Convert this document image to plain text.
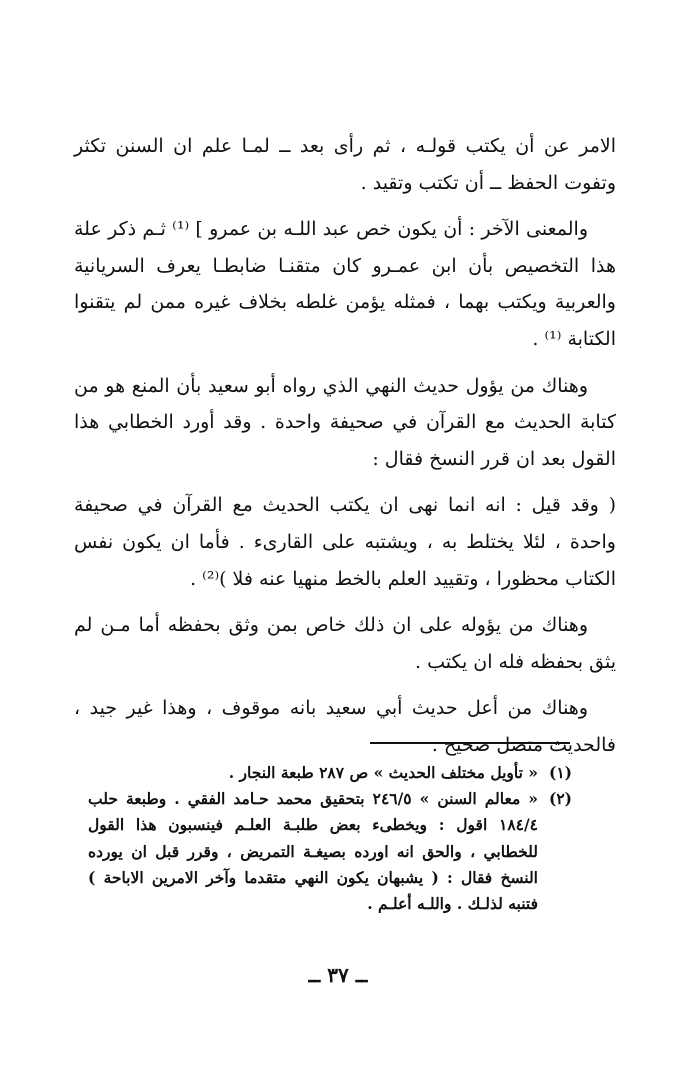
الامر عن أن يكتب قولـه ، ثم رأى بعد ــ لمـا علم ان السنن تكثر وتفوت الحفظ ــ أن تكتب وتقيد .

والمعنى الآخر : أن يكون خص عبد اللـه بن عمرو ] ⁽¹⁾ ثـم ذكر علة هذا التخصيص بأن ابن عمـرو كان متقنـا ضابطـا يعرف السريانية والعربية ويكتب بهما ، فمثله يؤمن غلطه بخلاف غيره ممن لم يتقنوا الكتابة ⁽¹⁾ .

وهناك من يؤول حديث النهي الذي رواه أبو سعيد بأن المنع هو من كتابة الحديث مع القرآن في صحيفة واحدة . وقد أورد الخطابي هذا القول بعد ان قرر النسخ فقال :

( وقد قيل : انه انما نهى ان يكتب الحديث مع القرآن في صحيفة واحدة ، لئلا يختلط به ، ويشتبه على القارىء . فأما ان يكون نفس الكتاب محظورا ، وتقييد العلم بالخط منهيا عنه فلا )⁽²⁾ .

وهناك من يؤوله على ان ذلك خاص بمن وثق بحفظه أما مـن لم يثق بحفظه فله ان يكتب .

وهناك من أعل حديث أبي سعيد بانه موقوف ، وهذا غير جيد ، فالحديث متصل صحيح .

(١)
« تأويل مختلف الحديث » ص ٢٨٧ طبعة النجار .
(٢)
« معالم السنن » ٢٤٦/٥ بتحقيق محمد حـامد الفقي . وطبعة حلب ١٨٤/٤ اقول : ويخطىء بعض طلبـة العلـم فينسبون هذا القول للخطابي ، والحق انه اورده بصيغـة التمريض ، وقرر قبل ان يورده النسخ فقال : ( يشبهان يكون النهي متقدما وآخر الامرين الاباحة ) فتنبه لذلـك . واللـه أعلـم .
ــ ٣٧ ــ
